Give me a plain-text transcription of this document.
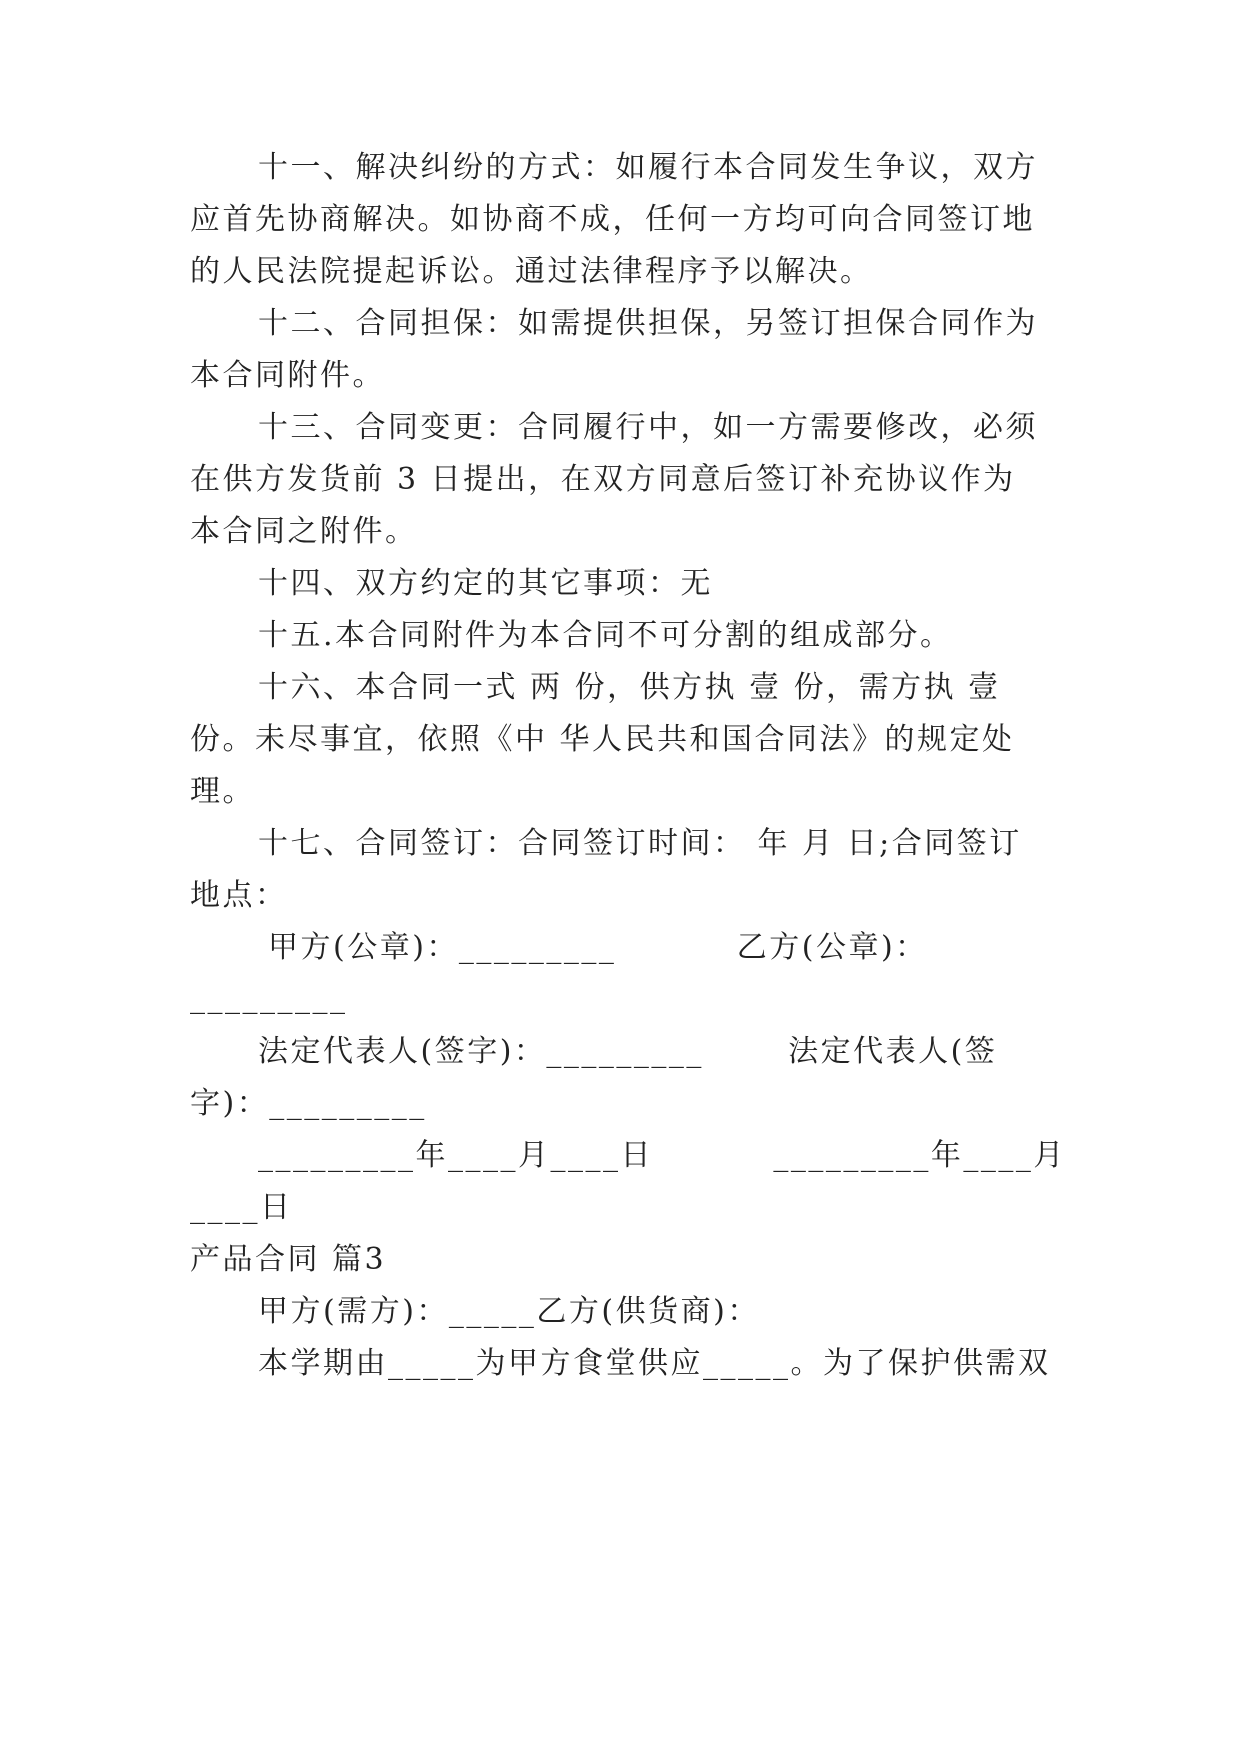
十一、解决纠纷的方式：如履行本合同发生争议，双方
应首先协商解决。如协商不成，任何一方均可向合同签订地
的人民法院提起诉讼。通过法律程序予以解决。
十二、合同担保：如需提供担保，另签订担保合同作为
本合同附件。
十三、合同变更：合同履行中，如一方需要修改，必须
在供方发货前 3 日提出，在双方同意后签订补充协议作为
本合同之附件。
十四、双方约定的其它事项：无
十五.本合同附件为本合同不可分割的组成部分。
十六、本合同一式 两 份，供方执 壹 份，需方执 壹
份。未尽事宜，依照《中 华人民共和国合同法》的规定处
理。
十七、合同签订：合同签订时间： 年 月 日;合同签订
地点：
甲方(公章)：_________          乙方(公章)：
_________
法定代表人(签字)：_________       法定代表人(签
字)：_________
_________年____月____日          _________年____月
____日
产品合同 篇3
甲方(需方)：_____乙方(供货商)：
本学期由_____为甲方食堂供应_____。为了保护供需双
